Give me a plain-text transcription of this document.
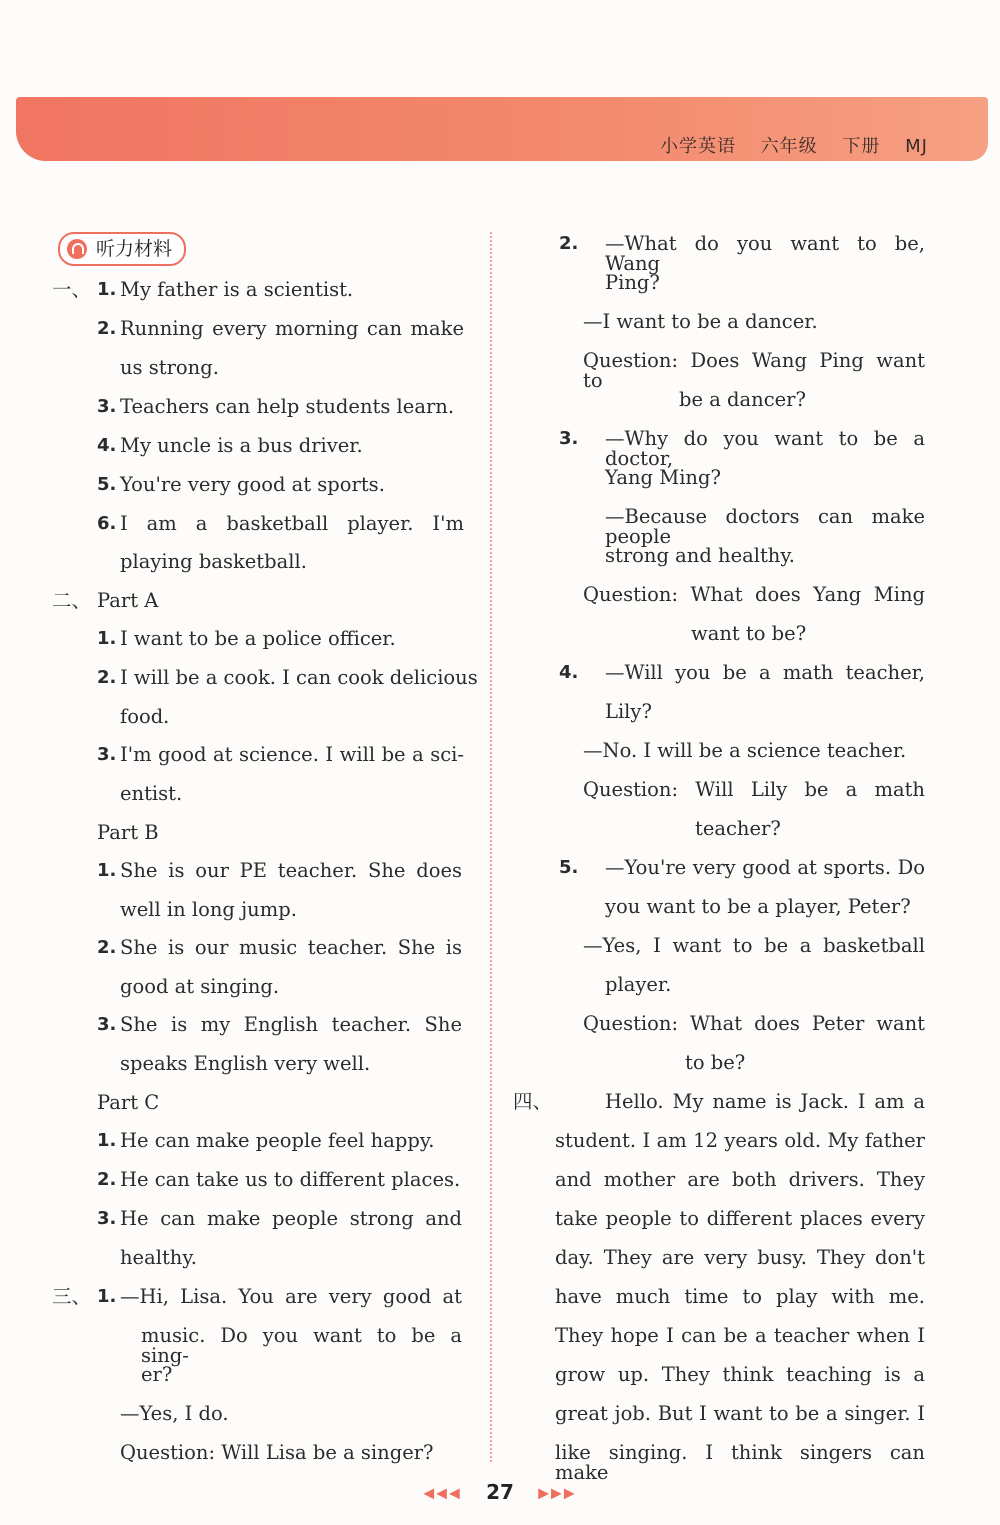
小学英语 六年级 下册 MJ
听力材料
一、 1. My father is a scientist.
2. Running every morning can make
us strong.
3. Teachers can help students learn.
4. My uncle is a bus driver.
5. You're very good at sports.
6. I am a basketball player. I'm
playing basketball.
二、 Part A
1. I want to be a police officer.
2. I will be a cook. I can cook delicious
food.
3. I'm good at science. I will be a sci-
entist.
Part B
1. She is our PE teacher. She does
well in long jump.
2. She is our music teacher. She is
good at singing.
3. She is my English teacher. She
speaks English very well.
Part C
1. He can make people feel happy.
2. He can take us to different places.
3. He can make people strong and
healthy.
三、 1. —Hi, Lisa. You are very good at
music. Do you want to be a sing-
er?
—Yes, I do.
Question: Will Lisa be a singer?
2. —What do you want to be, Wang
Ping?
—I want to be a dancer.
Question: Does Wang Ping want to
be a dancer?
3. —Why do you want to be a doctor,
Yang Ming?
—Because doctors can make people
strong and healthy.
Question: What does Yang Ming
want to be?
4. —Will you be a math teacher,
Lily?
—No. I will be a science teacher.
Question: Will Lily be a math
teacher?
5. —You're very good at sports. Do
you want to be a player, Peter?
—Yes, I want to be a basketball
player.
Question: What does Peter want
to be?
四、	Hello. My name is Jack. I am a
student. I am 12 years old. My father
and mother are both drivers. They
take people to different places every
day. They are very busy. They don't
have much time to play with me.
They hope I can be a teacher when I
grow up. They think teaching is a
great job. But I want to be a singer. I
like singing. I think singers can make
◀◀◀ 27 ▶▶▶
